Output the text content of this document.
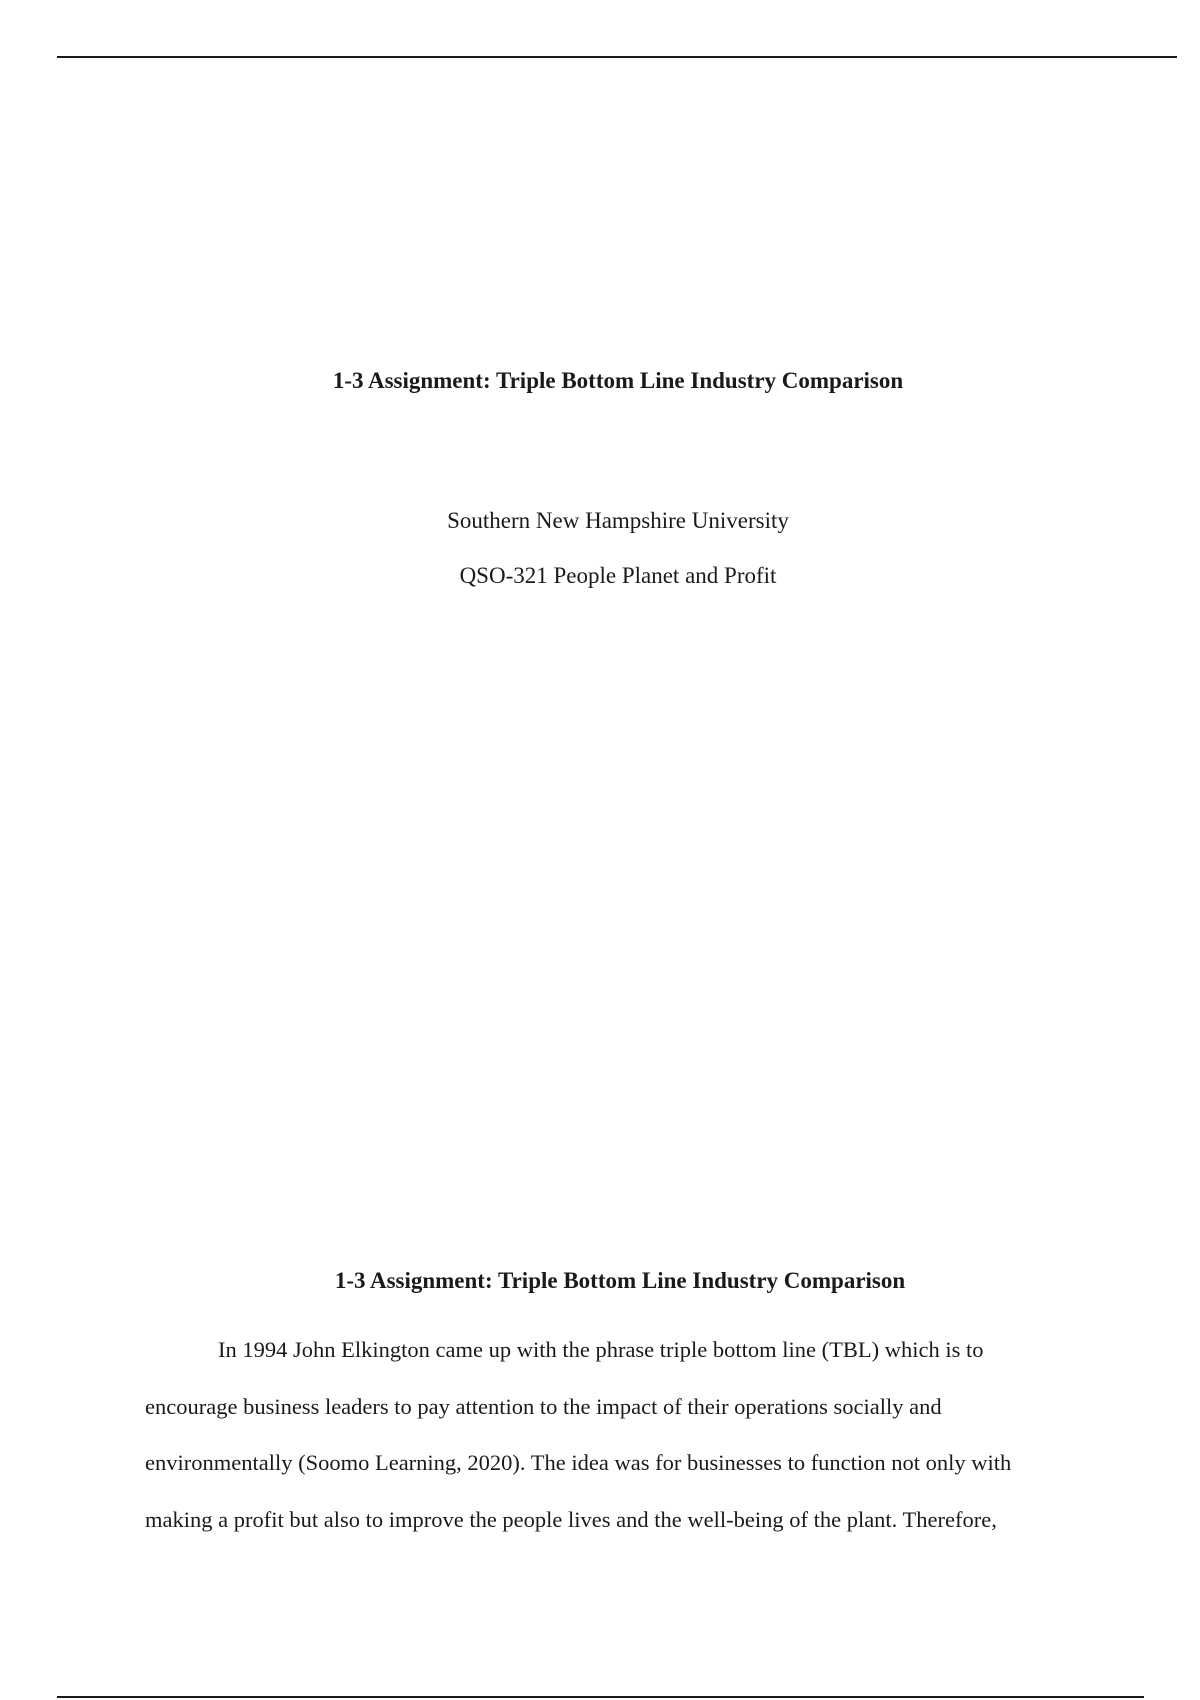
1-3 Assignment: Triple Bottom Line Industry Comparison
Southern New Hampshire University
QSO-321 People Planet and Profit
1-3 Assignment: Triple Bottom Line Industry Comparison
In 1994 John Elkington came up with the phrase triple bottom line (TBL) which is to
encourage business leaders to pay attention to the impact of their operations socially and
environmentally (Soomo Learning, 2020). The idea was for businesses to function not only with
making a profit but also to improve the people lives and the well-being of the plant. Therefore,
